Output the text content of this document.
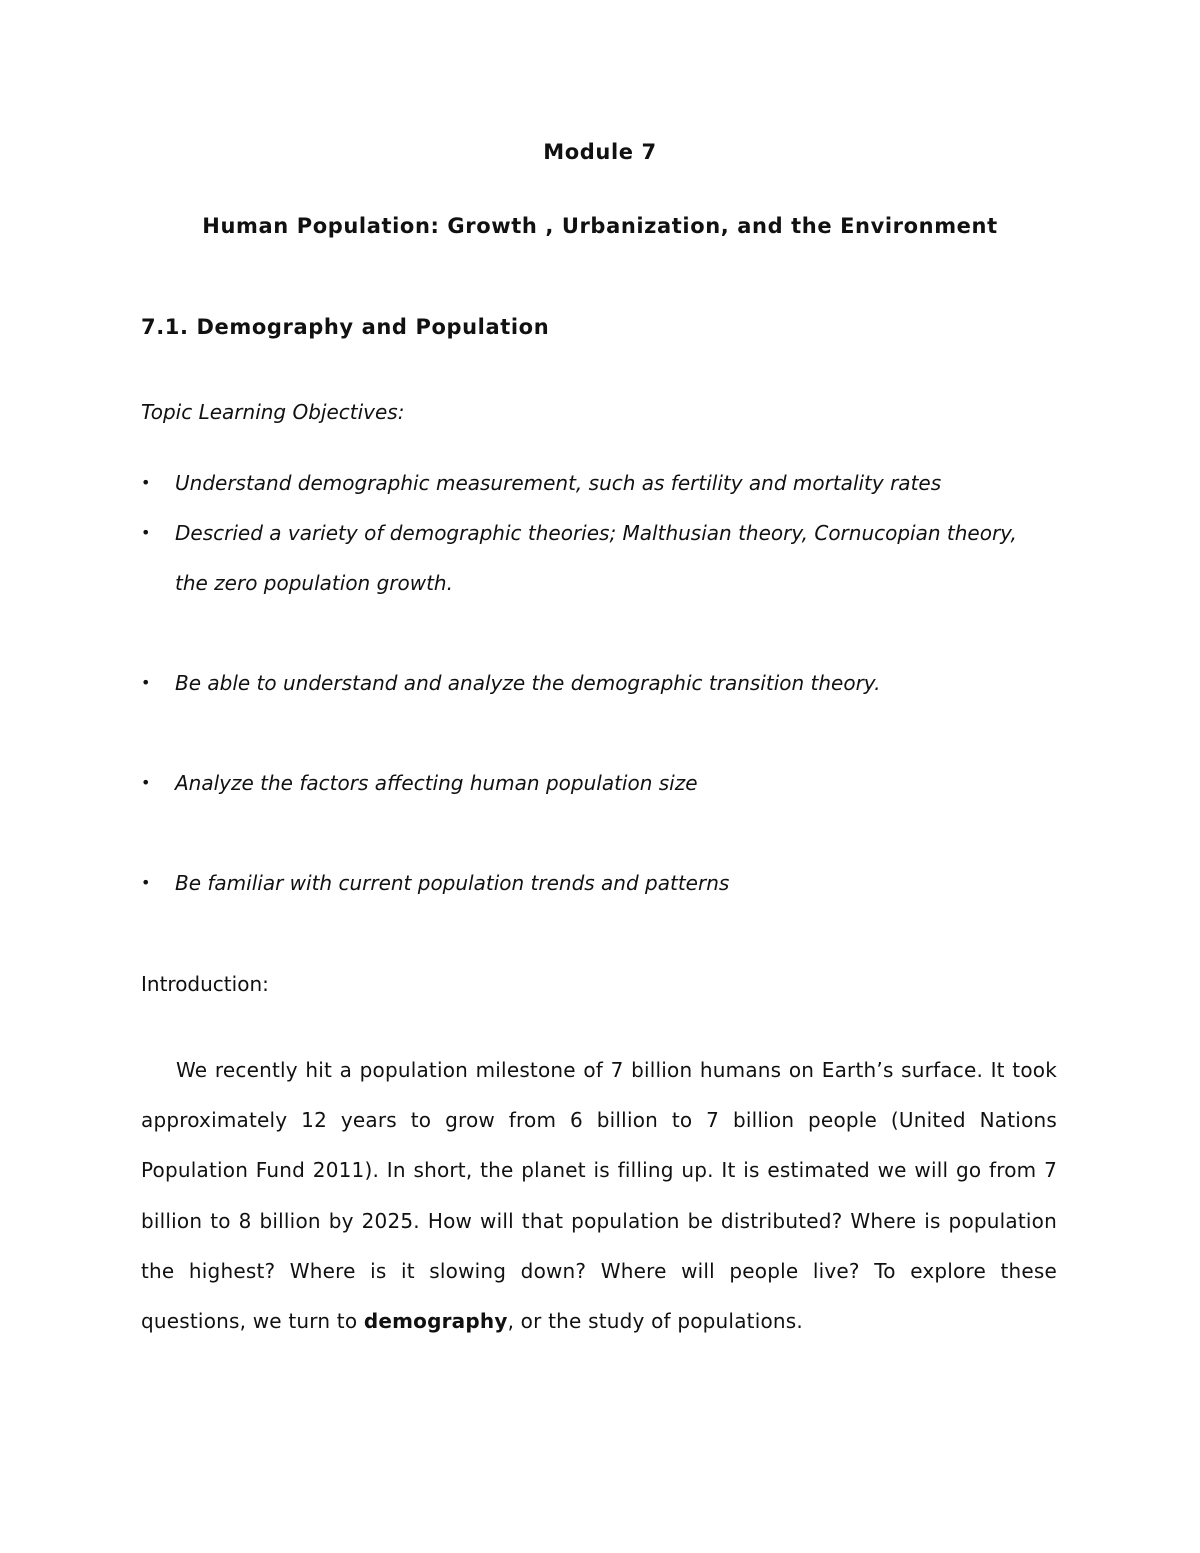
Module 7
Human Population: Growth , Urbanization, and the Environment
7.1. Demography and Population
Topic Learning Objectives:
•	Understand demographic measurement, such as fertility and mortality rates
•	Descried a variety of demographic theories; Malthusian theory, Cornucopian theory, the zero population growth.
•	Be able to understand and analyze the demographic transition theory.
•	Analyze the factors affecting human population size
•	Be familiar with current population trends and patterns
Introduction:
We recently hit a population milestone of 7 billion humans on Earth’s surface. It took approximately 12 years to grow from 6 billion to 7 billion people (United Nations Population Fund 2011). In short, the planet is filling up. It is estimated we will go from 7 billion to 8 billion by 2025. How will that population be distributed? Where is population the highest? Where is it slowing down? Where will people live? To explore these questions, we turn to demography, or the study of populations.
